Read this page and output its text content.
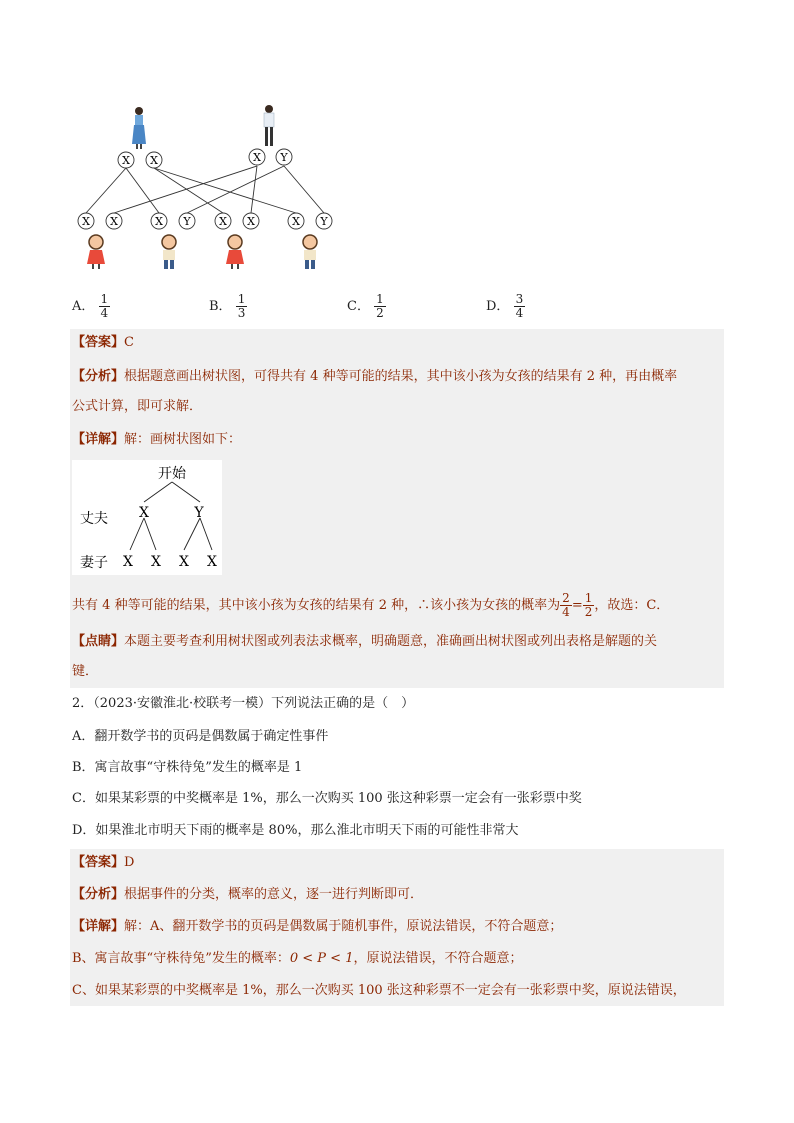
X X	X Y
X X	X Y	X X	X Y
A． $\frac{1}{4}$	B． $\frac{1}{3}$	C． $\frac{1}{2}$	D． $\frac{3}{4}$
【答案】C
【分析】根据题意画出树状图，可得共有 4 种等可能的结果，其中该小孩为女孩的结果有 2 种，再由概率
公式计算，即可求解．
【详解】解：画树状图如下：
开始
丈夫
妻子
X	Y
X X X X
共有 4 种等可能的结果，其中该小孩为女孩的结果有 2 种，∴该小孩为女孩的概率为 $\frac{2}{4} = \frac{1}{2}$ ，故选：C．
【点睛】本题主要考查利用树状图或列表法求概率，明确题意，准确画出树状图或列出表格是解题的关
键．
2．（2023·安徽淮北·校联考一模）下列说法正确的是（　）
A．翻开数学书的页码是偶数属于确定性事件
B．寓言故事“守株待兔”发生的概率是 1
C．如果某彩票的中奖概率是 1%，那么一次购买 100 张这种彩票一定会有一张彩票中奖
D．如果淮北市明天下雨的概率是 80%，那么淮北市明天下雨的可能性非常大
【答案】D
【分析】根据事件的分类，概率的意义，逐一进行判断即可．
【详解】解：A、翻开数学书的页码是偶数属于随机事件，原说法错误，不符合题意；
B、寓言故事“守株待兔”发生的概率：0 < P < 1，原说法错误，不符合题意；
C、如果某彩票的中奖概率是 1%，那么一次购买 100 张这种彩票不一定会有一张彩票中奖，原说法错误，
